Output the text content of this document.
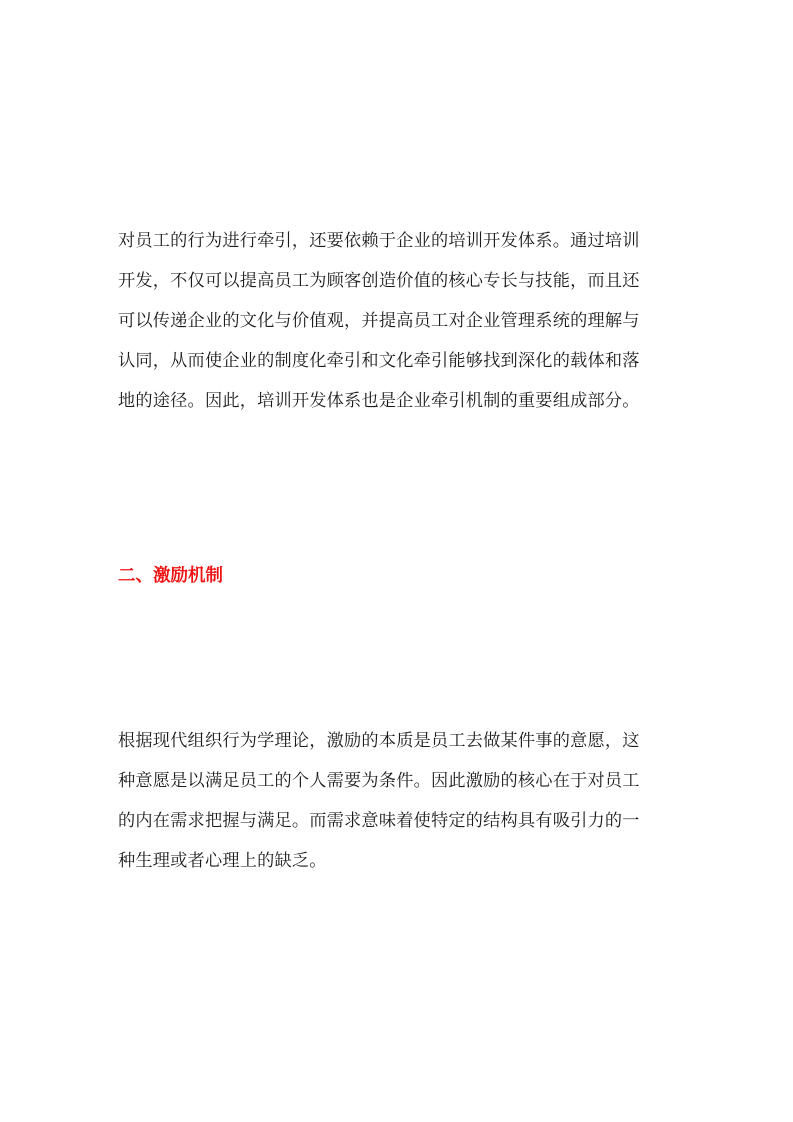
对员工的行为进行牵引，还要依赖于企业的培训开发体系。通过培训
开发，不仅可以提高员工为顾客创造价值的核心专长与技能，而且还
可以传递企业的文化与价值观，并提高员工对企业管理系统的理解与
认同，从而使企业的制度化牵引和文化牵引能够找到深化的载体和落
地的途径。因此，培训开发体系也是企业牵引机制的重要组成部分。

二、激励机制

根据现代组织行为学理论，激励的本质是员工去做某件事的意愿，这
种意愿是以满足员工的个人需要为条件。因此激励的核心在于对员工
的内在需求把握与满足。而需求意味着使特定的结构具有吸引力的一
种生理或者心理上的缺乏。
